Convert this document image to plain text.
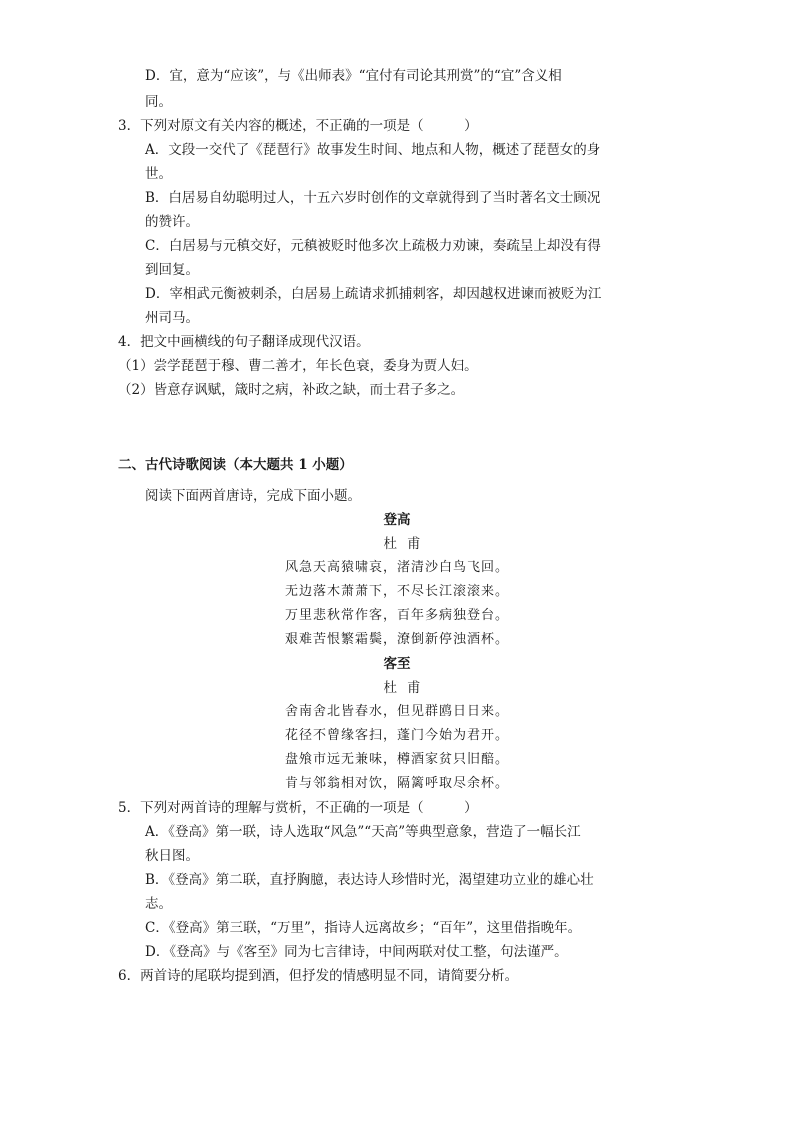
D．宜，意为“应该”，与《出师表》“宜付有司论其刑赏”的“宜”含义相
同。
3．下列对原文有关内容的概述，不正确的一项是（　　　）
A．文段一交代了《琵琶行》故事发生时间、地点和人物，概述了琵琶女的身
世。
B．白居易自幼聪明过人，十五六岁时创作的文章就得到了当时著名文士顾况
的赞许。
C．白居易与元稹交好，元稹被贬时他多次上疏极力劝谏，奏疏呈上却没有得
到回复。
D．宰相武元衡被刺杀，白居易上疏请求抓捕刺客，却因越权进谏而被贬为江
州司马。
4．把文中画横线的句子翻译成现代汉语。
（1）尝学琵琶于穆、曹二善才，年长色衰，委身为贾人妇。
（2）皆意存讽赋，箴时之病，补政之缺，而士君子多之。
二、古代诗歌阅读（本大题共 1 小题）
阅读下面两首唐诗，完成下面小题。
登高
杜甫
风急天高猿啸哀，渚清沙白鸟飞回。
无边落木萧萧下，不尽长江滚滚来。
万里悲秋常作客，百年多病独登台。
艰难苦恨繁霜鬓，潦倒新停浊酒杯。
客至
杜甫
舍南舍北皆春水，但见群鸥日日来。
花径不曾缘客扫，蓬门今始为君开。
盘飧市远无兼味，樽酒家贫只旧醅。
肯与邻翁相对饮，隔篱呼取尽余杯。
5．下列对两首诗的理解与赏析，不正确的一项是（　　　）
A．《登高》第一联，诗人选取“风急”“天高”等典型意象，营造了一幅长江
秋日图。
B．《登高》第二联，直抒胸臆，表达诗人珍惜时光，渴望建功立业的雄心壮
志。
C．《登高》第三联，“万里”，指诗人远离故乡；“百年”，这里借指晚年。
D．《登高》与《客至》同为七言律诗，中间两联对仗工整，句法谨严。
6．两首诗的尾联均提到酒，但抒发的情感明显不同，请简要分析。
